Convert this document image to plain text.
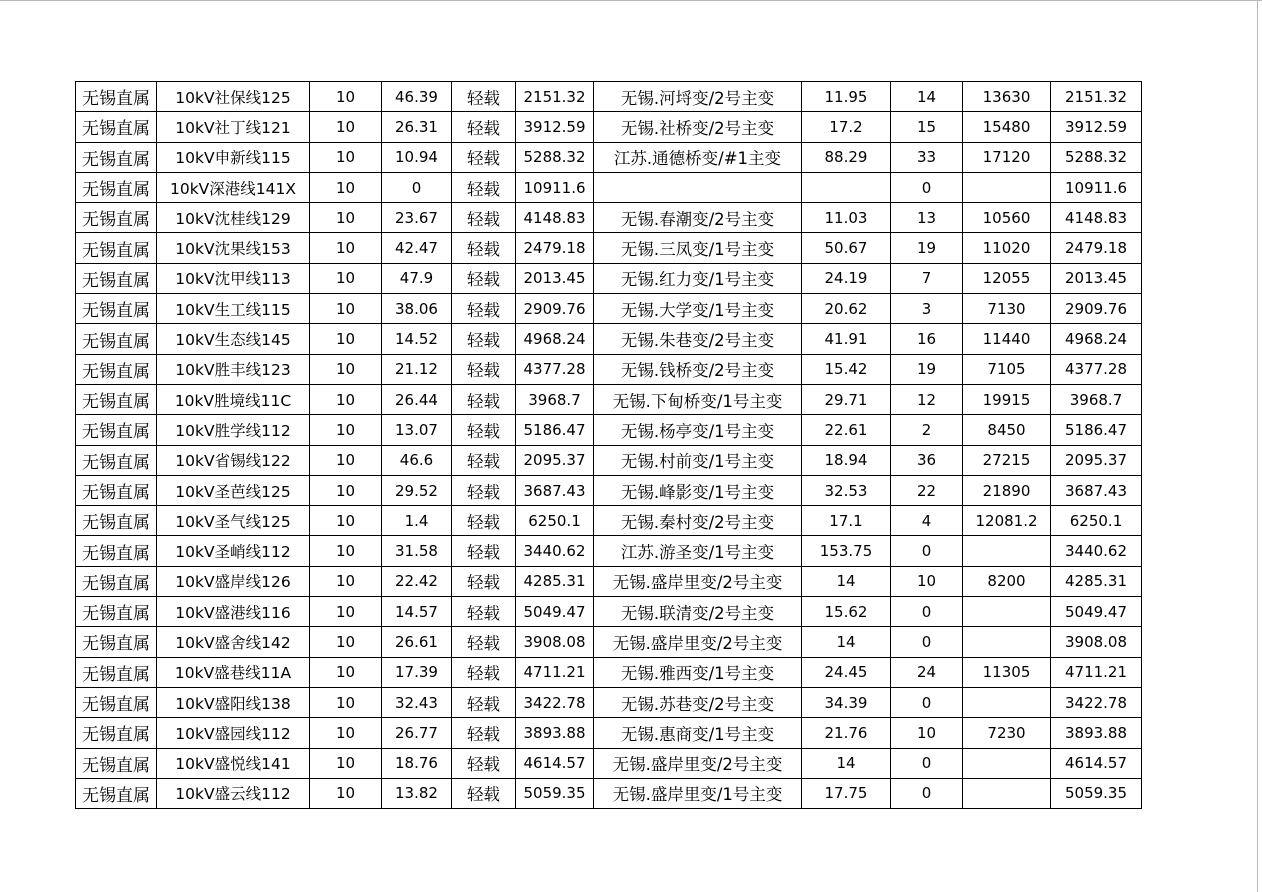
无锡直属	10kV社保线125	10	46.39	轻载	2151.32	无锡.河埒变/2号主变	11.95	14	13630	2151.32
无锡直属	10kV社丁线121	10	26.31	轻载	3912.59	无锡.社桥变/2号主变	17.2	15	15480	3912.59
无锡直属	10kV申新线115	10	10.94	轻载	5288.32	江苏.通德桥变/#1主变	88.29	33	17120	5288.32
无锡直属	10kV深港线141X	10	0	轻载	10911.6			0		10911.6
无锡直属	10kV沈桂线129	10	23.67	轻载	4148.83	无锡.春潮变/2号主变	11.03	13	10560	4148.83
无锡直属	10kV沈果线153	10	42.47	轻载	2479.18	无锡.三凤变/1号主变	50.67	19	11020	2479.18
无锡直属	10kV沈甲线113	10	47.9	轻载	2013.45	无锡.红力变/1号主变	24.19	7	12055	2013.45
无锡直属	10kV生工线115	10	38.06	轻载	2909.76	无锡.大学变/1号主变	20.62	3	7130	2909.76
无锡直属	10kV生态线145	10	14.52	轻载	4968.24	无锡.朱巷变/2号主变	41.91	16	11440	4968.24
无锡直属	10kV胜丰线123	10	21.12	轻载	4377.28	无锡.钱桥变/2号主变	15.42	19	7105	4377.28
无锡直属	10kV胜境线11C	10	26.44	轻载	3968.7	无锡.下甸桥变/1号主变	29.71	12	19915	3968.7
无锡直属	10kV胜学线112	10	13.07	轻载	5186.47	无锡.杨亭变/1号主变	22.61	2	8450	5186.47
无锡直属	10kV省锡线122	10	46.6	轻载	2095.37	无锡.村前变/1号主变	18.94	36	27215	2095.37
无锡直属	10kV圣芭线125	10	29.52	轻载	3687.43	无锡.峰影变/1号主变	32.53	22	21890	3687.43
无锡直属	10kV圣气线125	10	1.4	轻载	6250.1	无锡.秦村变/2号主变	17.1	4	12081.2	6250.1
无锡直属	10kV圣峭线112	10	31.58	轻载	3440.62	江苏.游圣变/1号主变	153.75	0		3440.62
无锡直属	10kV盛岸线126	10	22.42	轻载	4285.31	无锡.盛岸里变/2号主变	14	10	8200	4285.31
无锡直属	10kV盛港线116	10	14.57	轻载	5049.47	无锡.联清变/2号主变	15.62	0		5049.47
无锡直属	10kV盛舍线142	10	26.61	轻载	3908.08	无锡.盛岸里变/2号主变	14	0		3908.08
无锡直属	10kV盛巷线11A	10	17.39	轻载	4711.21	无锡.雅西变/1号主变	24.45	24	11305	4711.21
无锡直属	10kV盛阳线138	10	32.43	轻载	3422.78	无锡.苏巷变/2号主变	34.39	0		3422.78
无锡直属	10kV盛园线112	10	26.77	轻载	3893.88	无锡.惠商变/1号主变	21.76	10	7230	3893.88
无锡直属	10kV盛悦线141	10	18.76	轻载	4614.57	无锡.盛岸里变/2号主变	14	0		4614.57
无锡直属	10kV盛云线112	10	13.82	轻载	5059.35	无锡.盛岸里变/1号主变	17.75	0		5059.35
